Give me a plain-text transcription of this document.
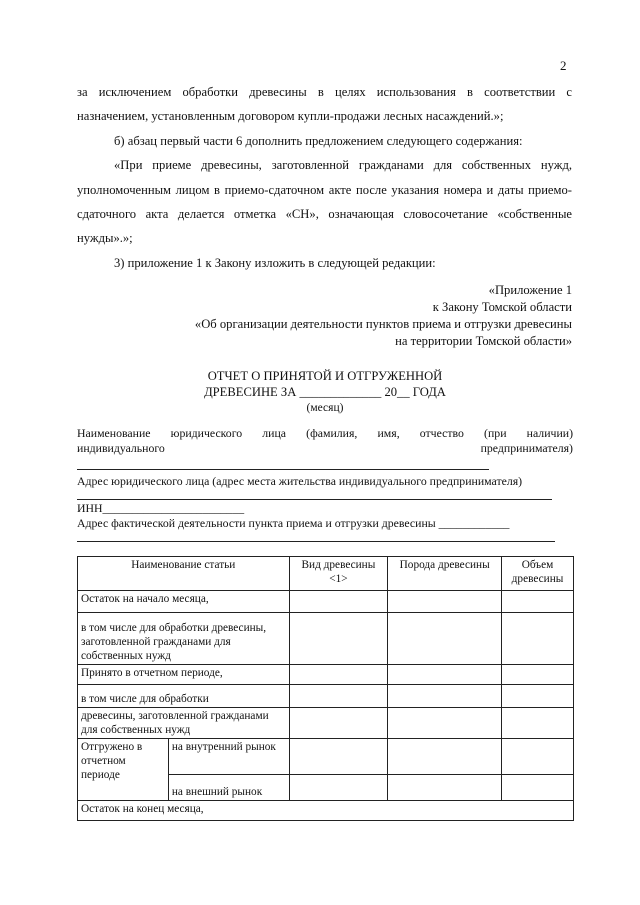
2

за исключением обработки древесины в целях использования в соответствии с назначением, установленным договором купли-продажи лесных насаждений.»;

б) абзац первый части 6 дополнить предложением следующего содержания:

«При приеме древесины, заготовленной гражданами для собственных нужд, уполномоченным лицом в приемо-сдаточном акте после указания номера и даты приемо-сдаточного акта делается отметка «СН», означающая словосочетание «собственные нужды».»;

3) приложение 1 к Закону изложить в следующей редакции:

«Приложение 1
к Закону Томской области
«Об организации деятельности пунктов приема и отгрузки древесины
на территории Томской области»
ОТЧЕТ О ПРИНЯТОЙ И ОТГРУЖЕННОЙ
ДРЕВЕСИНЕ ЗА _____________ 20__ ГОДА
(месяц)
Наименование юридического лица (фамилия, имя, отчество (при наличии)
индивидуального	предпринимателя)
Адрес юридического лица (адрес места жительства индивидуального предпринимателя)
ИНН________________________
Адрес фактической деятельности пункта приема и отгрузки древесины ____________
Наименование статьи		Вид древесины <1>	Порода древесины	Объем древесины
Остаток на начало месяца,				
в том числе для обработки древесины, заготовленной гражданами для собственных нужд				
Принято в отчетном периоде,				
в том числе для обработки				
древесины, заготовленной гражданами для собственных нужд				
Отгружено в отчетном периоде	на внутренний рынок			
	на внешний рынок			
Остаток на конец месяца,				
